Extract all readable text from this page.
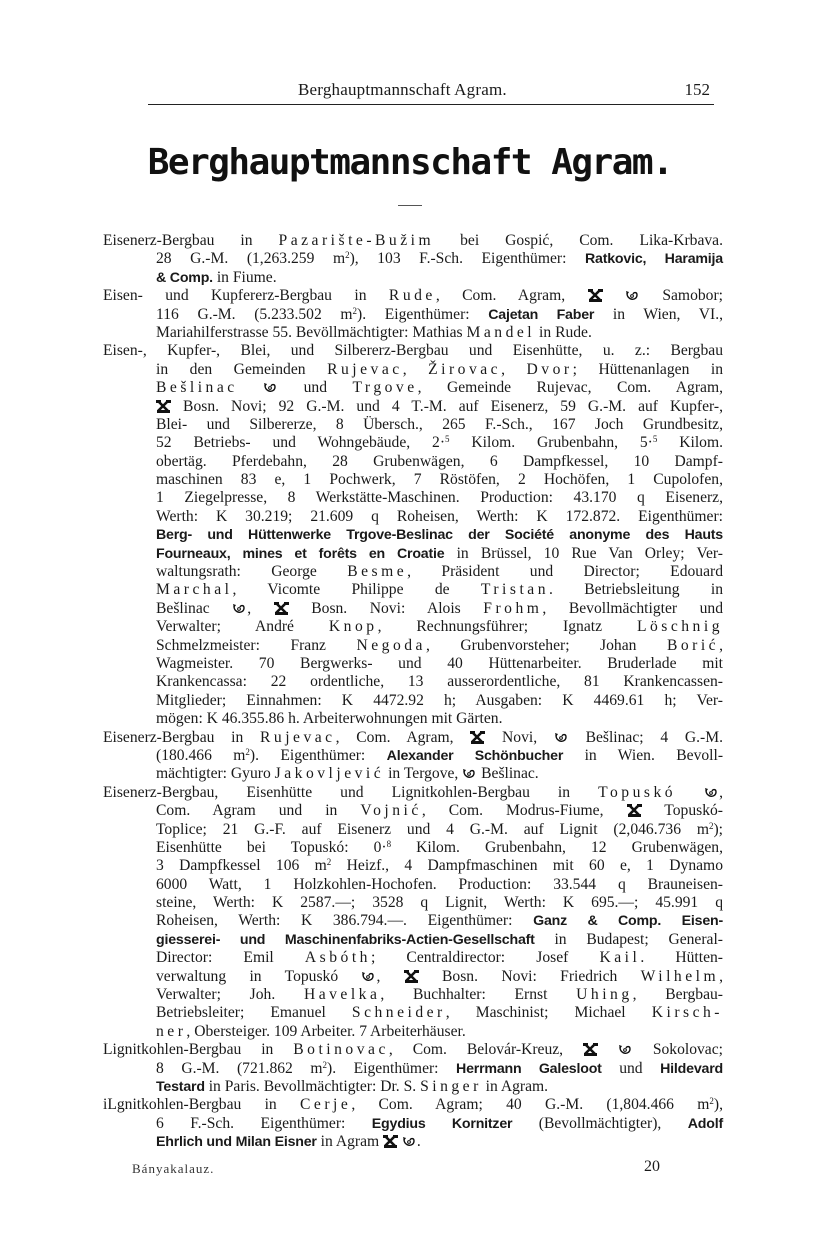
Berghauptmannschaft Agram.	152
Berghauptmannschaft Agram.
Eisenerz-Bergbau in Pazarište-Bužim bei Gospić, Com. Lika-Krbava.
28 G.-M. (1,263.259 $m^2$), 103 F.-Sch. Eigenthümer: Ratkovic, Haramija
& Comp. in Fiume.
Eisen- und Kupfererz-Bergbau in Rude, Com. Agram,	Samobor;
116 G.-M. (5.233.502 $m^2$). Eigenthümer: Cajetan Faber in Wien, VI.,
Mariahilferstrasse 55. Bevöllmächtigter: Mathias Mandel in Rude.
Eisen-, Kupfer-, Blei, und Silbererz-Bergbau und Eisenhütte, u. z.: Bergbau
in den Gemeinden Rujevac, Žirovac, Dvor; Hüttenanlagen in
Bešlinac	und Trgove, Gemeinde Rujevac, Com. Agram,
Bosn. Novi; 92 G.-M. und 4 T.-M. auf Eisenerz, 59 G.-M. auf Kupfer-,
Blei- und Silbererze, 8 Übersch., 265 F.-Sch., 167 Joch Grundbesitz,
52 Betriebs- und Wohngebäude, 2·$^5$ Kilom. Grubenbahn, 5·$^5$ Kilom.
obertäg. Pferdebahn, 28 Grubenwägen, 6 Dampfkessel, 10 Dampf-
maschinen 83 e, 1 Pochwerk, 7 Röstöfen, 2 Hochöfen, 1 Cupolofen,
1 Ziegelpresse, 8 Werkstätte-Maschinen. Production: 43.170 q Eisenerz,
Werth: K 30.219; 21.609 q Roheisen, Werth: K 172.872. Eigenthümer:
Berg- und Hüttenwerke Trgove-Beslinac der Société anonyme des Hauts
Fourneaux, mines et forêts en Croatie in Brüssel, 10 Rue Van Orley; Ver-
waltungsrath: George Besme, Präsident und Director; Edouard
Marchal, Vicomte Philippe de Tristan. Betriebsleitung in
Bešlinac ,  Bosn. Novi: Alois Frohm, Bevollmächtigter und
Verwalter; André Knop, Rechnungsführer; Ignatz Löschnig
Schmelzmeister: Franz Negoda, Grubenvorsteher; Johan Borić,
Wagmeister. 70 Bergwerks- und 40 Hüttenarbeiter. Bruderlade mit
Krankencassa: 22 ordentliche, 13 ausserordentliche, 81 Krankencassen-
Mitglieder; Einnahmen: K 4472.92 h; Ausgaben: K 4469.61 h; Ver-
mögen: K 46.355.86 h. Arbeiterwohnungen mit Gärten.
Eisenerz-Bergbau in Rujevac, Com. Agram,  Novi,  Bešlinac; 4 G.-M.
(180.466 $m^2$). Eigenthümer: Alexander Schönbucher in Wien. Bevoll-
mächtigter: Gyuro Jakovljević in Tergove,  Bešlinac.
Eisenerz-Bergbau, Eisenhütte und Lignitkohlen-Bergbau in Topuskó	,
Com. Agram und in Vojnić, Com. Modrus-Fiume,  Topuskó-
Toplice; 21 G.-F. auf Eisenerz und 4 G.-M. auf Lignit (2,046.736 $m^2$);
Eisenhütte bei Topuskó: 0·$^8$ Kilom. Grubenbahn, 12 Grubenwägen,
3 Dampfkessel 106 $m^2$ Heizf., 4 Dampfmaschinen mit 60 e, 1 Dynamo
6000 Watt, 1 Holzkohlen-Hochofen. Production: 33.544 q Brauneisen-
steine, Werth: K 2587.—; 3528 q Lignit, Werth: K 695.—; 45.991 q
Roheisen, Werth: K 386.794.—. Eigenthümer: Ganz & Comp. Eisen-
giesserei- und Maschinenfabriks-Actien-Gesellschaft in Budapest; General-
Director: Emil Asbóth; Centraldirector: Josef Kail. Hütten-
verwaltung in Topuskó ,  Bosn. Novi: Friedrich Wilhelm,
Verwalter; Joh. Havelka, Buchhalter: Ernst Uhing, Bergbau-
Betriebsleiter; Emanuel Schneider, Maschinist; Michael Kirsch-
ner, Obersteiger. 109 Arbeiter. 7 Arbeiterhäuser.
Lignitkohlen-Bergbau in Botinovac, Com. Belovár-Kreuz,	Sokolovac;
8 G.-M. (721.862 $m^2$). Eigenthümer: Herrmann Galesloot und Hildevard
Testard in Paris. Bevollmächtigter: Dr. S. Singer in Agram.
iLgnitkohlen-Bergbau in Cerje, Com. Agram; 40 G.-M. (1,804.466 $m^2$),
6 F.-Sch. Eigenthümer: Egydius Kornitzer (Bevollmächtigter), Adolf
Ehrlich und Milan Eisner in Agram  .
Bányakalauz.	20
